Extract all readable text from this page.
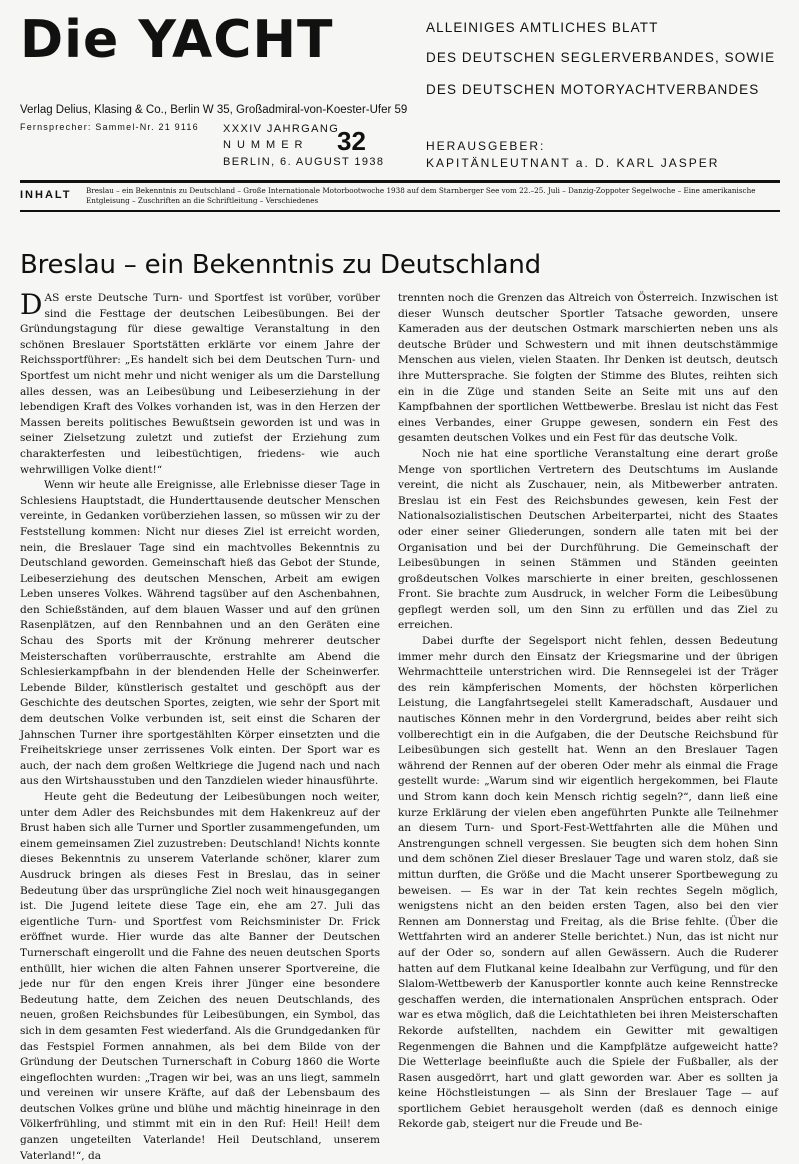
Die YACHT	ALLEINIGES AMTLICHES BLATT
DES DEUTSCHEN SEGLERVERBANDES, SOWIE
DES DEUTSCHEN MOTORYACHTVERBANDES
Verlag Delius, Klasing & Co., Berlin W 35, Großadmiral-von-Koester-Ufer 59
Fernsprecher: Sammel-Nr. 21 9116 XXXIV JAHRGANG
NUMMER 32
BERLIN, 6. AUGUST 1938
HERAUSGEBER:
KAPITÄNLEUTNANT a. D. KARL JASPER
INHALT Breslau – ein Bekenntnis zu Deutschland – Große Internationale Motorbootwoche 1938 auf dem Starnberger See vom 22.–25. Juli – Danzig-Zoppoter Segelwoche – Eine amerikanische Entgleisung – Zuschriften an die Schriftleitung – Verschiedenes
Breslau – ein Bekenntnis zu Deutschland

DAS erste Deutsche Turn- und Sportfest ist vorüber, vorüber sind die Festtage der deutschen Leibesübungen. Bei der Gründungstagung für diese gewaltige Veranstaltung in den schönen Breslauer Sportstätten erklärte vor einem Jahre der Reichssportführer: „Es handelt sich bei dem Deutschen Turn- und Sportfest um nicht mehr und nicht weniger als um die Darstellung alles dessen, was an Leibesübung und Leibeserziehung in der lebendigen Kraft des Volkes vorhanden ist, was in den Herzen der Massen bereits politisches Bewußtsein geworden ist und was in seiner Zielsetzung zuletzt und zutiefst der Erziehung zum charakterfesten und leibestüchtigen, friedens- wie auch wehrwilligen Volke dient!“

Wenn wir heute alle Ereignisse, alle Erlebnisse dieser Tage in Schlesiens Hauptstadt, die Hunderttausende deutscher Menschen vereinte, in Gedanken vorüberziehen lassen, so müssen wir zu der Feststellung kommen: Nicht nur dieses Ziel ist erreicht worden, nein, die Breslauer Tage sind ein machtvolles Bekenntnis zu Deutschland geworden. Gemeinschaft hieß das Gebot der Stunde, Leibeserziehung des deutschen Menschen, Arbeit am ewigen Leben unseres Volkes. Während tagsüber auf den Aschenbahnen, den Schießständen, auf dem blauen Wasser und auf den grünen Rasenplätzen, auf den Rennbahnen und an den Geräten eine Schau des Sports mit der Krönung mehrerer deutscher Meisterschaften vorüberrauschte, erstrahlte am Abend die Schlesierkampfbahn in der blendenden Helle der Scheinwerfer. Lebende Bilder, künstlerisch gestaltet und geschöpft aus der Geschichte des deutschen Sportes, zeigten, wie sehr der Sport mit dem deutschen Volke verbunden ist, seit einst die Scharen der Jahnschen Turner ihre sportgestählten Körper einsetzten und die Freiheitskriege unser zerrissenes Volk einten. Der Sport war es auch, der nach dem großen Weltkriege die Jugend nach und nach aus den Wirtshausstuben und den Tanzdielen wieder hinausführte.

Heute geht die Bedeutung der Leibesübungen noch weiter, unter dem Adler des Reichsbundes mit dem Hakenkreuz auf der Brust haben sich alle Turner und Sportler zusammengefunden, um einem gemeinsamen Ziel zuzustreben: Deutschland! Nichts konnte dieses Bekenntnis zu unserem Vaterlande schöner, klarer zum Ausdruck bringen als dieses Fest in Breslau, das in seiner Bedeutung über das ursprüngliche Ziel noch weit hinausgegangen ist. Die Jugend leitete diese Tage ein, ehe am 27. Juli das eigentliche Turn- und Sportfest vom Reichsminister Dr. Frick eröffnet wurde. Hier wurde das alte Banner der Deutschen Turnerschaft eingerollt und die Fahne des neuen deutschen Sports enthüllt, hier wichen die alten Fahnen unserer Sportvereine, die jede nur für den engen Kreis ihrer Jünger eine besondere Bedeutung hatte, dem Zeichen des neuen Deutschlands, des neuen, großen Reichsbundes für Leibesübungen, ein Symbol, das sich in dem gesamten Fest wiederfand. Als die Grundgedanken für das Festspiel Formen annahmen, als bei dem Bilde von der Gründung der Deutschen Turnerschaft in Coburg 1860 die Worte eingeflochten wurden: „Tragen wir bei, was an uns liegt, sammeln und vereinen wir unsere Kräfte, auf daß der Lebensbaum des deutschen Volkes grüne und blühe und mächtig hineinrage in den Völkerfrühling, und stimmt mit ein in den Ruf: Heil! Heil! dem ganzen ungeteilten Vaterlande! Heil Deutschland, unserem Vaterland!“, da

trennten noch die Grenzen das Altreich von Österreich. Inzwischen ist dieser Wunsch deutscher Sportler Tatsache geworden, unsere Kameraden aus der deutschen Ostmark marschierten neben uns als deutsche Brüder und Schwestern und mit ihnen deutschstämmige Menschen aus vielen, vielen Staaten. Ihr Denken ist deutsch, deutsch ihre Muttersprache. Sie folgten der Stimme des Blutes, reihten sich ein in die Züge und standen Seite an Seite mit uns auf den Kampfbahnen der sportlichen Wettbewerbe. Breslau ist nicht das Fest eines Verbandes, einer Gruppe gewesen, sondern ein Fest des gesamten deutschen Volkes und ein Fest für das deutsche Volk.

Noch nie hat eine sportliche Veranstaltung eine derart große Menge von sportlichen Vertretern des Deutschtums im Auslande vereint, die nicht als Zuschauer, nein, als Mitbewerber antraten. Breslau ist ein Fest des Reichsbundes gewesen, kein Fest der Nationalsozialistischen Deutschen Arbeiterpartei, nicht des Staates oder einer seiner Gliederungen, sondern alle taten mit bei der Organisation und bei der Durchführung. Die Gemeinschaft der Leibesübungen in seinen Stämmen und Ständen geeinten großdeutschen Volkes marschierte in einer breiten, geschlossenen Front. Sie brachte zum Ausdruck, in welcher Form die Leibesübung gepflegt werden soll, um den Sinn zu erfüllen und das Ziel zu erreichen.

Dabei durfte der Segelsport nicht fehlen, dessen Bedeutung immer mehr durch den Einsatz der Kriegsmarine und der übrigen Wehrmachtteile unterstrichen wird. Die Rennsegelei ist der Träger des rein kämpferischen Moments, der höchsten körperlichen Leistung, die Langfahrtsegelei stellt Kameradschaft, Ausdauer und nautisches Können mehr in den Vordergrund, beides aber reiht sich vollberechtigt ein in die Aufgaben, die der Deutsche Reichsbund für Leibesübungen sich gestellt hat. Wenn an den Breslauer Tagen während der Rennen auf der oberen Oder mehr als einmal die Frage gestellt wurde: „Warum sind wir eigentlich hergekommen, bei Flaute und Strom kann doch kein Mensch richtig segeln?“, dann ließ eine kurze Erklärung der vielen eben angeführten Punkte alle Teilnehmer an diesem Turn- und Sport-Fest-Wettfahrten alle die Mühen und Anstrengungen schnell vergessen. Sie beugten sich dem hohen Sinn und dem schönen Ziel dieser Breslauer Tage und waren stolz, daß sie mittun durften, die Größe und die Macht unserer Sportbewegung zu beweisen. — Es war in der Tat kein rechtes Segeln möglich, wenigstens nicht an den beiden ersten Tagen, also bei den vier Rennen am Donnerstag und Freitag, als die Brise fehlte. (Über die Wettfahrten wird an anderer Stelle berichtet.) Nun, das ist nicht nur auf der Oder so, sondern auf allen Gewässern. Auch die Ruderer hatten auf dem Flutkanal keine Idealbahn zur Verfügung, und für den Slalom-Wettbewerb der Kanusportler konnte auch keine Rennstrecke geschaffen werden, die internationalen Ansprüchen entsprach. Oder war es etwa möglich, daß die Leichtathleten bei ihren Meisterschaften Rekorde aufstellten, nachdem ein Gewitter mit gewaltigen Regenmengen die Bahnen und die Kampfplätze aufgeweicht hatte? Die Wetterlage beeinflußte auch die Spiele der Fußballer, als der Rasen ausgedörrt, hart und glatt geworden war. Aber es sollten ja keine Höchstleistungen — als Sinn der Breslauer Tage — auf sportlichem Gebiet herausgeholt werden (daß es dennoch einige Rekorde gab, steigert nur die Freude und Be-
